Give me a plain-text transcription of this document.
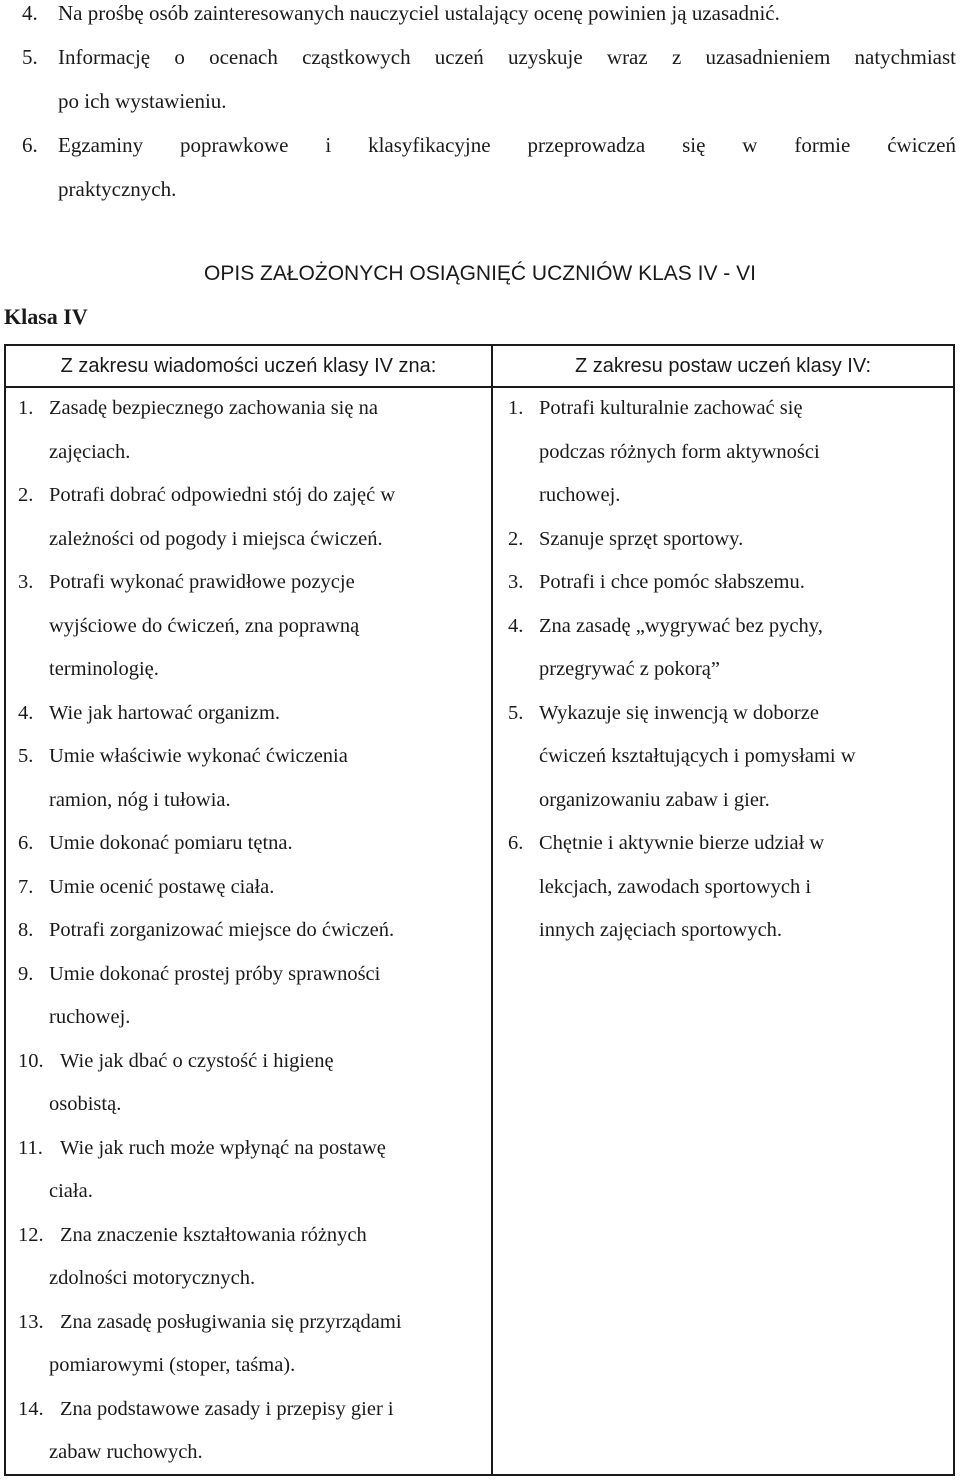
4. Na prośbę osób zainteresowanych nauczyciel ustalający ocenę powinien ją uzasadnić.
5. Informację o ocenach cząstkowych uczeń uzyskuje wraz z uzasadnieniem natychmiast
po ich wystawieniu.
6. Egzaminy poprawkowe i klasyfikacyjne przeprowadza się w formie ćwiczeń
praktycznych.
OPIS ZAŁOŻONYCH OSIĄGNIĘĆ UCZNIÓW KLAS IV - VI
Klasa IV
Z zakresu wiadomości uczeń klasy IV zna:	Z zakresu postaw uczeń klasy IV:
1. Zasadę bezpiecznego zachowania się na
zajęciach.
2. Potrafi dobrać odpowiedni stój do zajęć w
zależności od pogody i miejsca ćwiczeń.
3. Potrafi wykonać prawidłowe pozycje
wyjściowe do ćwiczeń, zna poprawną
terminologię.
4. Wie jak hartować organizm.
5. Umie właściwie wykonać ćwiczenia
ramion, nóg i tułowia.
6. Umie dokonać pomiaru tętna.
7. Umie ocenić postawę ciała.
8. Potrafi zorganizować miejsce do ćwiczeń.
9. Umie dokonać prostej próby sprawności
ruchowej.
10. Wie jak dbać o czystość i higienę
osobistą.
11. Wie jak ruch może wpłynąć na postawę
ciała.
12. Zna znaczenie kształtowania różnych
zdolności motorycznych.
13. Zna zasadę posługiwania się przyrządami
pomiarowymi (stoper, taśma).
14. Zna podstawowe zasady i przepisy gier i
zabaw ruchowych.
1. Potrafi kulturalnie zachować się
podczas różnych form aktywności
ruchowej.
2. Szanuje sprzęt sportowy.
3. Potrafi i chce pomóc słabszemu.
4. Zna zasadę „wygrywać bez pychy,
przegrywać z pokorą”
5. Wykazuje się inwencją w doborze
ćwiczeń kształtujących i pomysłami w
organizowaniu zabaw i gier.
6. Chętnie i aktywnie bierze udział w
lekcjach, zawodach sportowych i
innych zajęciach sportowych.
